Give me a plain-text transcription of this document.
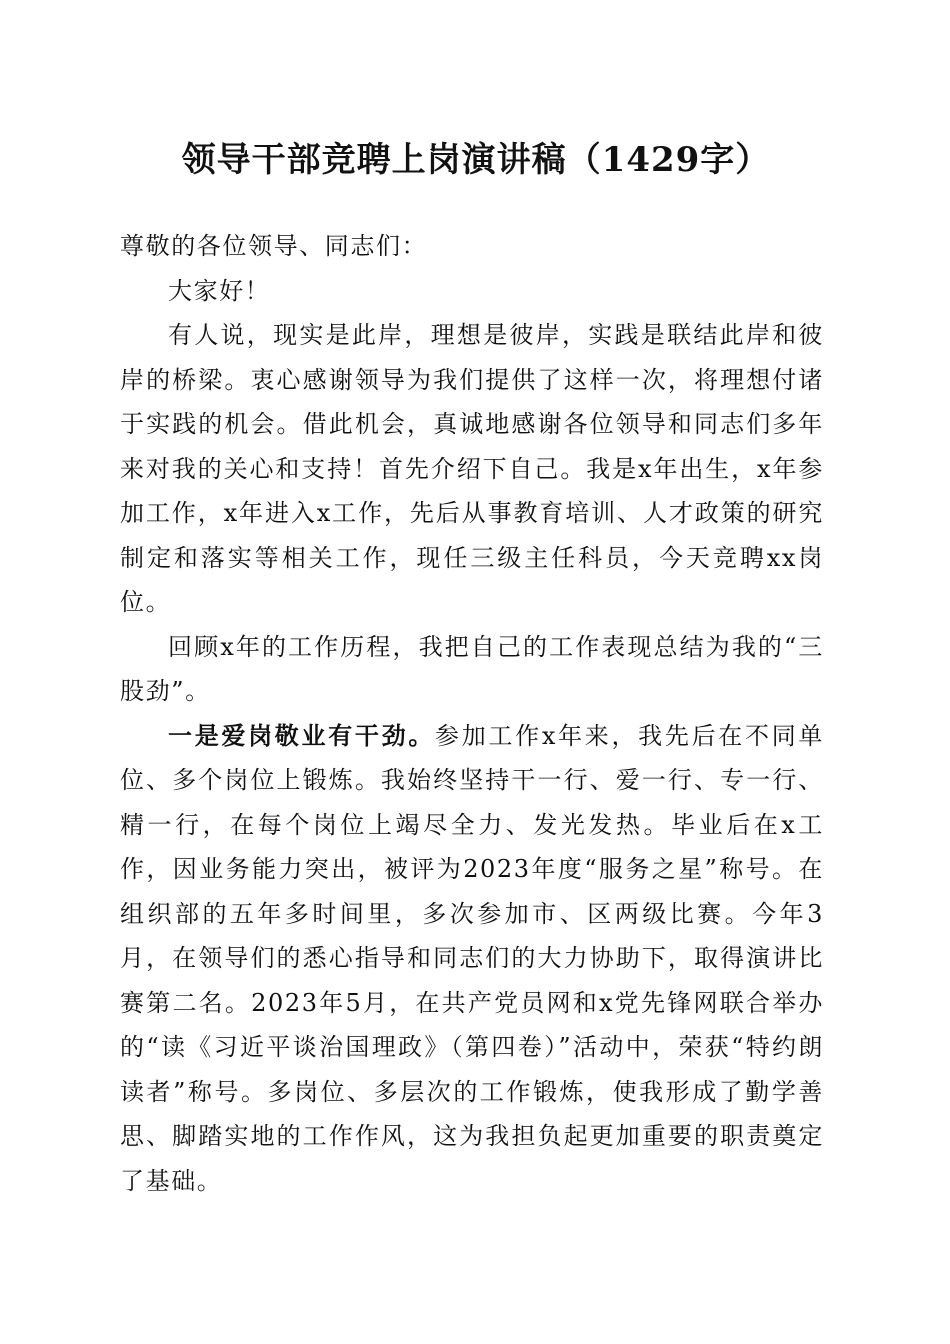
领导干部竞聘上岗演讲稿（1429字）

尊敬的各位领导、同志们：

大家好！

有人说，现实是此岸，理想是彼岸，实践是联结此岸和彼岸的桥梁。衷心感谢领导为我们提供了这样一次，将理想付诸于实践的机会。借此机会，真诚地感谢各位领导和同志们多年来对我的关心和支持！首先介绍下自己。我是x年出生，x年参加工作，x年进入x工作，先后从事教育培训、人才政策的研究制定和落实等相关工作，现任三级主任科员，今天竞聘xx岗位。

回顾x年的工作历程，我把自己的工作表现总结为我的“三股劲”。

一是爱岗敬业有干劲。参加工作x年来，我先后在不同单位、多个岗位上锻炼。我始终坚持干一行、爱一行、专一行、精一行，在每个岗位上竭尽全力、发光发热。毕业后在x工作，因业务能力突出，被评为2023年度“服务之星”称号。在组织部的五年多时间里，多次参加市、区两级比赛。今年3月，在领导们的悉心指导和同志们的大力协助下，取得演讲比赛第二名。2023年5月，在共产党员网和x党先锋网联合举办的“读《习近平谈治国理政》（第四卷）”活动中，荣获“特约朗读者”称号。多岗位、多层次的工作锻炼，使我形成了勤学善思、脚踏实地的工作作风，这为我担负起更加重要的职责奠定了基础。
